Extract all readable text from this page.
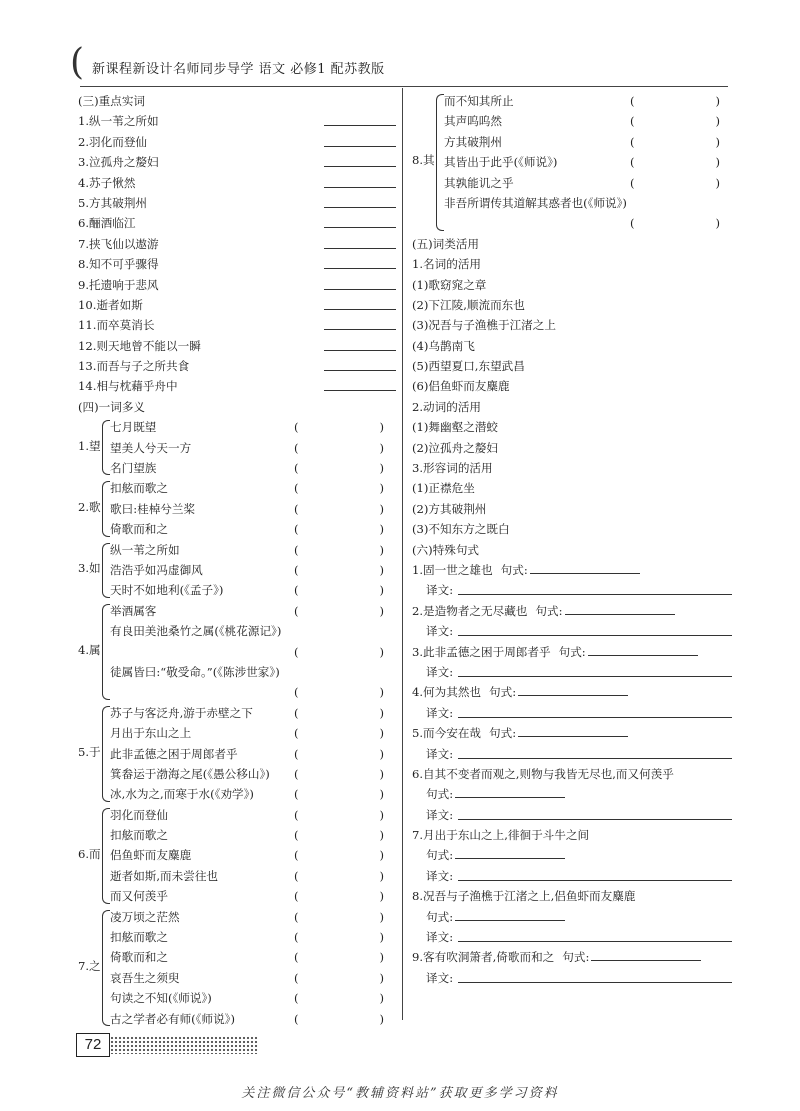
( 新课程新设计名师同步导学 语文 必修1 配苏教版
(三)重点实词
1.纵一苇之所如
2.羽化而登仙
3.泣孤舟之嫠妇
4.苏子愀然
5.方其破荆州
6.酾酒临江
7.挟飞仙以遨游
8.知不可乎骤得
9.托遗响于悲风
10.逝者如斯
11.而卒莫消长
12.则天地曾不能以一瞬
13.而吾与子之所共食
14.相与枕藉乎舟中
(四)一词多义
1.望
七月既望	(	)
望美人兮天一方	(	)
名门望族	(	)
2.歌
扣舷而歌之	(	)
歌曰:桂棹兮兰桨	(	)
倚歌而和之	(	)
3.如
纵一苇之所如	(	)
浩浩乎如冯虚御风	(	)
天时不如地利(《孟子》)	(	)
4.属
举酒属客	(	)
有良田美池桑竹之属(《桃花源记》)
(	)
徒属皆曰:“敬受命。”(《陈涉世家》)
(	)
5.于
苏子与客泛舟,游于赤壁之下	(	)
月出于东山之上	(	)
此非孟德之困于周郎者乎	(	)
箕畚运于渤海之尾(《愚公移山》) (	)
冰,水为之,而寒于水(《劝学》)	(	)
6.而
羽化而登仙	(	)
扣舷而歌之	(	)
侣鱼虾而友麋鹿	(	)
逝者如斯,而未尝往也	(	)
而又何羡乎	(	)
7.之
凌万顷之茫然	(	)
扣舷而歌之	(	)
倚歌而和之	(	)
哀吾生之须臾	(	)
句读之不知(《师说》)	(	)
古之学者必有师(《师说》)	(	)
8.其
而不知其所止	(	)
其声呜呜然	(	)
方其破荆州	(	)
其皆出于此乎(《师说》)	(	)
其孰能讥之乎	(	)
非吾所谓传其道解其惑者也(《师说》)
(	)
(五)词类活用
1.名词的活用
(1)歌窈窕之章
(2)下江陵,顺流而东也
(3)况吾与子渔樵于江渚之上
(4)乌鹊南飞
(5)西望夏口,东望武昌
(6)侣鱼虾而友麋鹿
2.动词的活用
(1)舞幽壑之潜蛟
(2)泣孤舟之嫠妇
3.形容词的活用
(1)正襟危坐
(2)方其破荆州
(3)不知东方之既白
(六)特殊句式
1.固一世之雄也 句式:
译文:
2.是造物者之无尽藏也 句式:
译文:
3.此非孟德之困于周郎者乎 句式:
译文:
4.何为其然也 句式:
译文:
5.而今安在哉 句式:
译文:
6.自其不变者而观之,则物与我皆无尽也,而又何羡乎
句式:
译文:
7.月出于东山之上,徘徊于斗牛之间
句式:
译文:
8.况吾与子渔樵于江渚之上,侣鱼虾而友麋鹿
句式:
译文:
9.客有吹洞箫者,倚歌而和之 句式:
译文:
72
关注微信公众号“教辅资料站”获取更多学习资料
